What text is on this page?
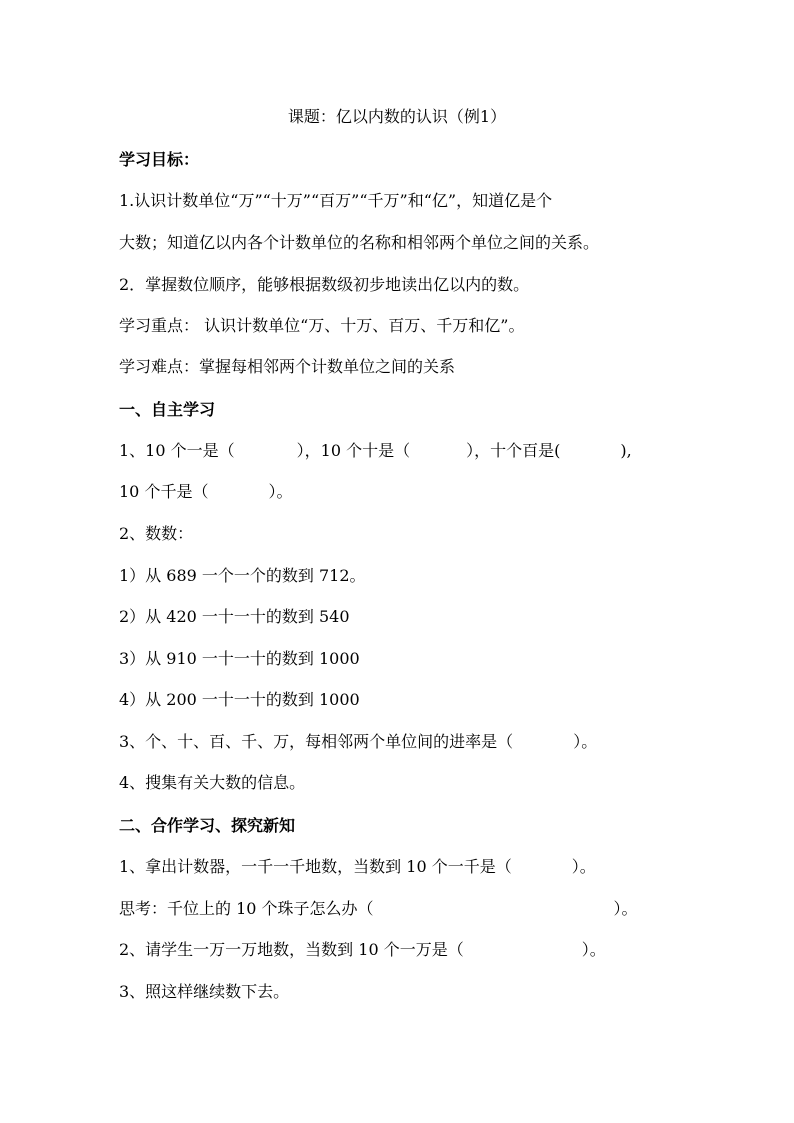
课题：亿以内数的认识（例1）
学习目标：
1.认识计数单位“万”“十万”“百万”“千万”和“亿”，知道亿是个
大数；知道亿以内各个计数单位的名称和相邻两个单位之间的关系。
2．掌握数位顺序，能够根据数级初步地读出亿以内的数。
学习重点： 认识计数单位“万、十万、百万、千万和亿”。
学习难点：掌握每相邻两个计数单位之间的关系
一、自主学习
1、10 个一是（	），10 个十是（	），十个百是(	),
10 个千是（	）。
2、数数：
1）从 689 一个一个的数到 712。
2）从 420 一十一十的数到 540
3）从 910 一十一十的数到 1000
4）从 200 一十一十的数到 1000
3、个、十、百、千、万，每相邻两个单位间的进率是（	）。
4、搜集有关大数的信息。
二、合作学习、探究新知
1、拿出计数器，一千一千地数，当数到 10 个一千是（	）。
思考：千位上的 10 个珠子怎么办（	）。
2、请学生一万一万地数，当数到 10 个一万是（	）。
3、照这样继续数下去。
